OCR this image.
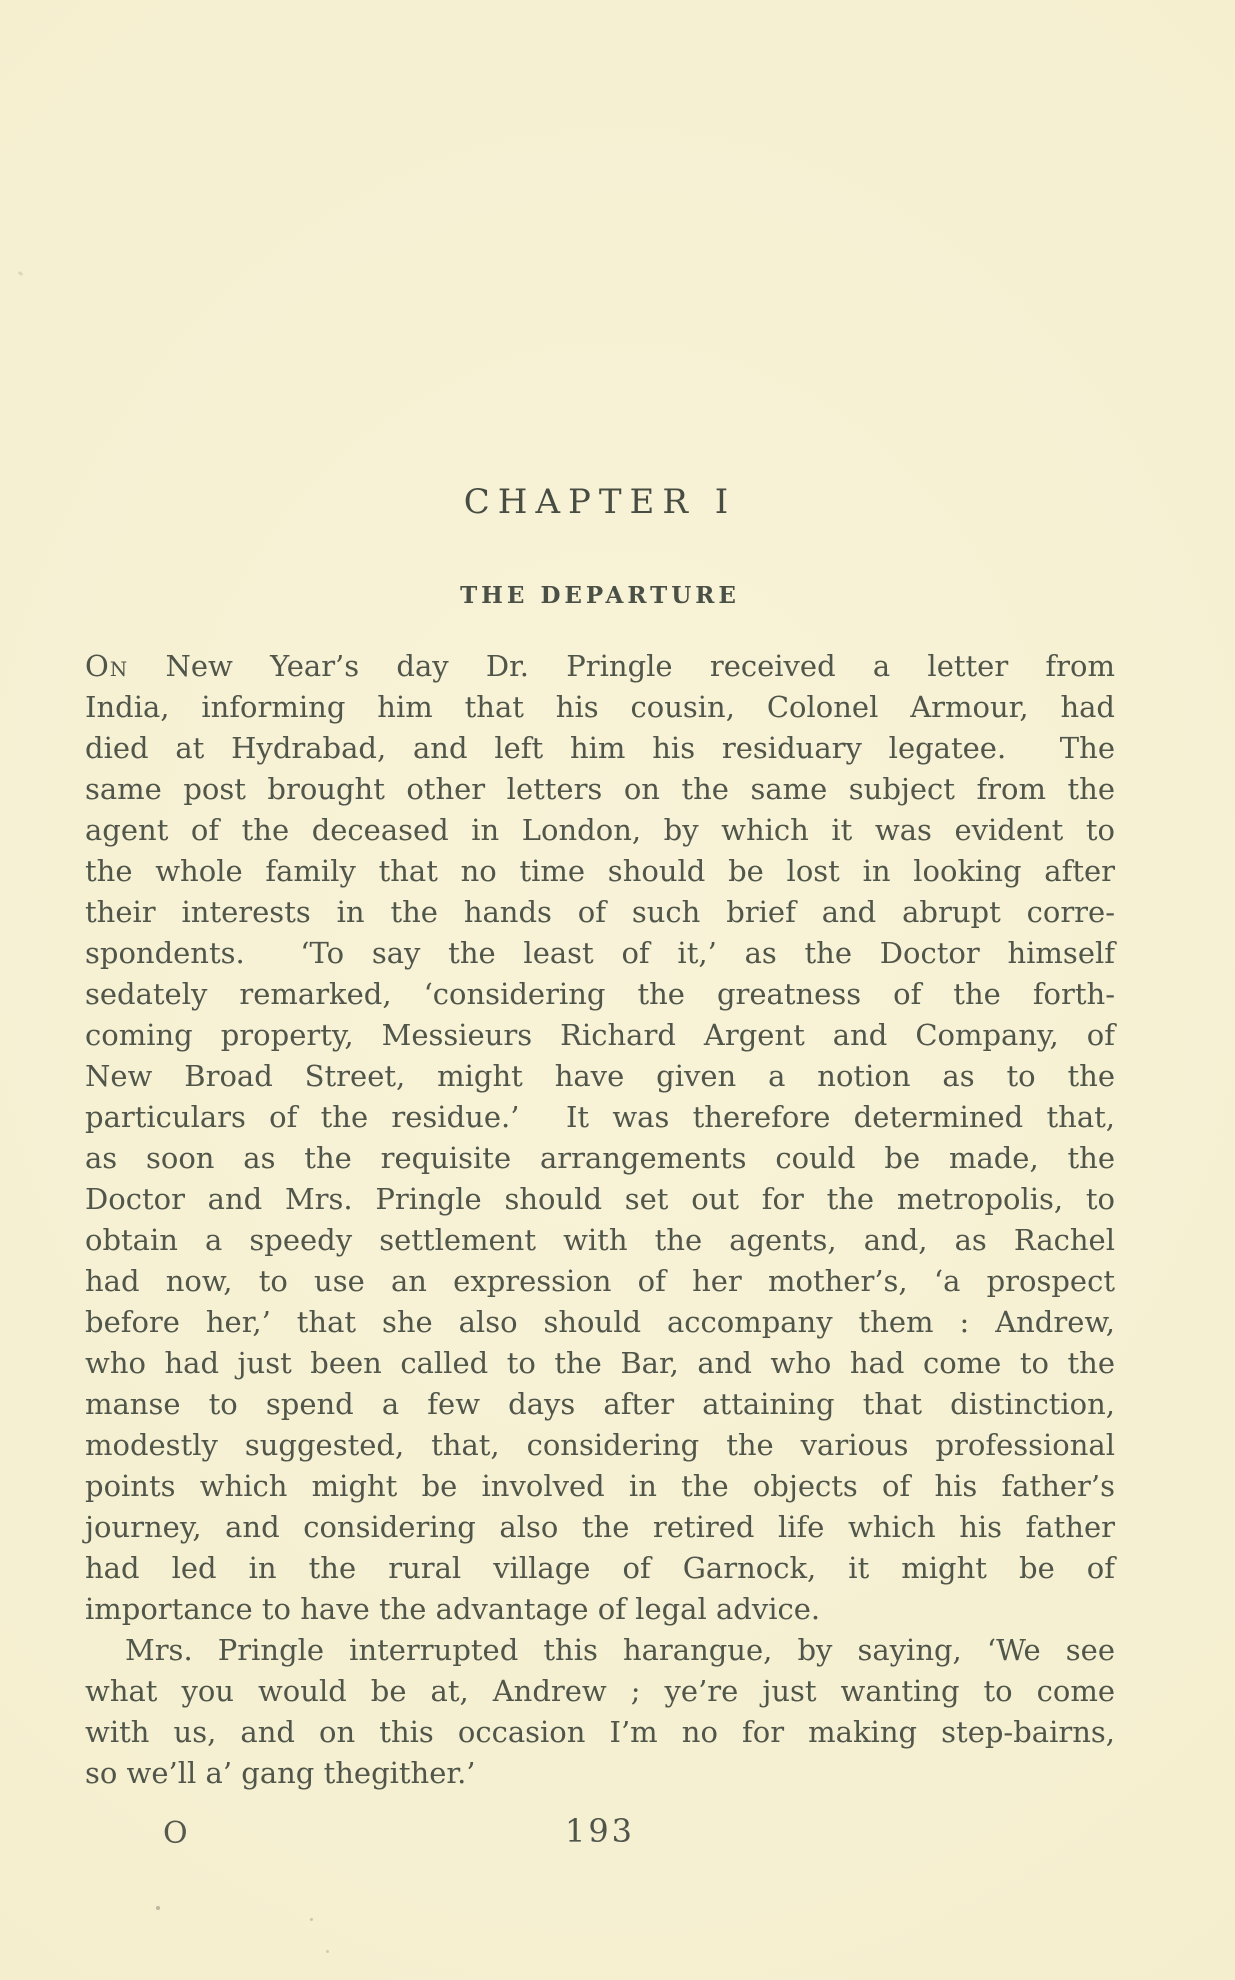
CHAPTER I
THE DEPARTURE
On New Year’s day Dr. Pringle received a letter from
India, informing him that his cousin, Colonel Armour, had
died at Hydrabad, and left him his residuary legatee.  The
same post brought other letters on the same subject from the
agent of the deceased in London, by which it was evident to
the whole family that no time should be lost in looking after
their interests in the hands of such brief and abrupt corre-
spondents.  ‘To say the least of it,’ as the Doctor himself
sedately remarked, ‘considering the greatness of the forth-
coming property, Messieurs Richard Argent and Company, of
New Broad Street, might have given a notion as to the
particulars of the residue.’  It was therefore determined that,
as soon as the requisite arrangements could be made, the
Doctor and Mrs. Pringle should set out for the metropolis, to
obtain a speedy settlement with the agents, and, as Rachel
had now, to use an expression of her mother’s, ‘a prospect
before her,’ that she also should accompany them : Andrew,
who had just been called to the Bar, and who had come to the
manse to spend a few days after attaining that distinction,
modestly suggested, that, considering the various professional
points which might be involved in the objects of his father’s
journey, and considering also the retired life which his father
had led in the rural village of Garnock, it might be of
importance to have the advantage of legal advice.
Mrs. Pringle interrupted this harangue, by saying, ‘We see
what you would be at, Andrew ; ye’re just wanting to come
with us, and on this occasion I’m no for making step-bairns,
so we’ll a’ gang thegither.’
O	193
